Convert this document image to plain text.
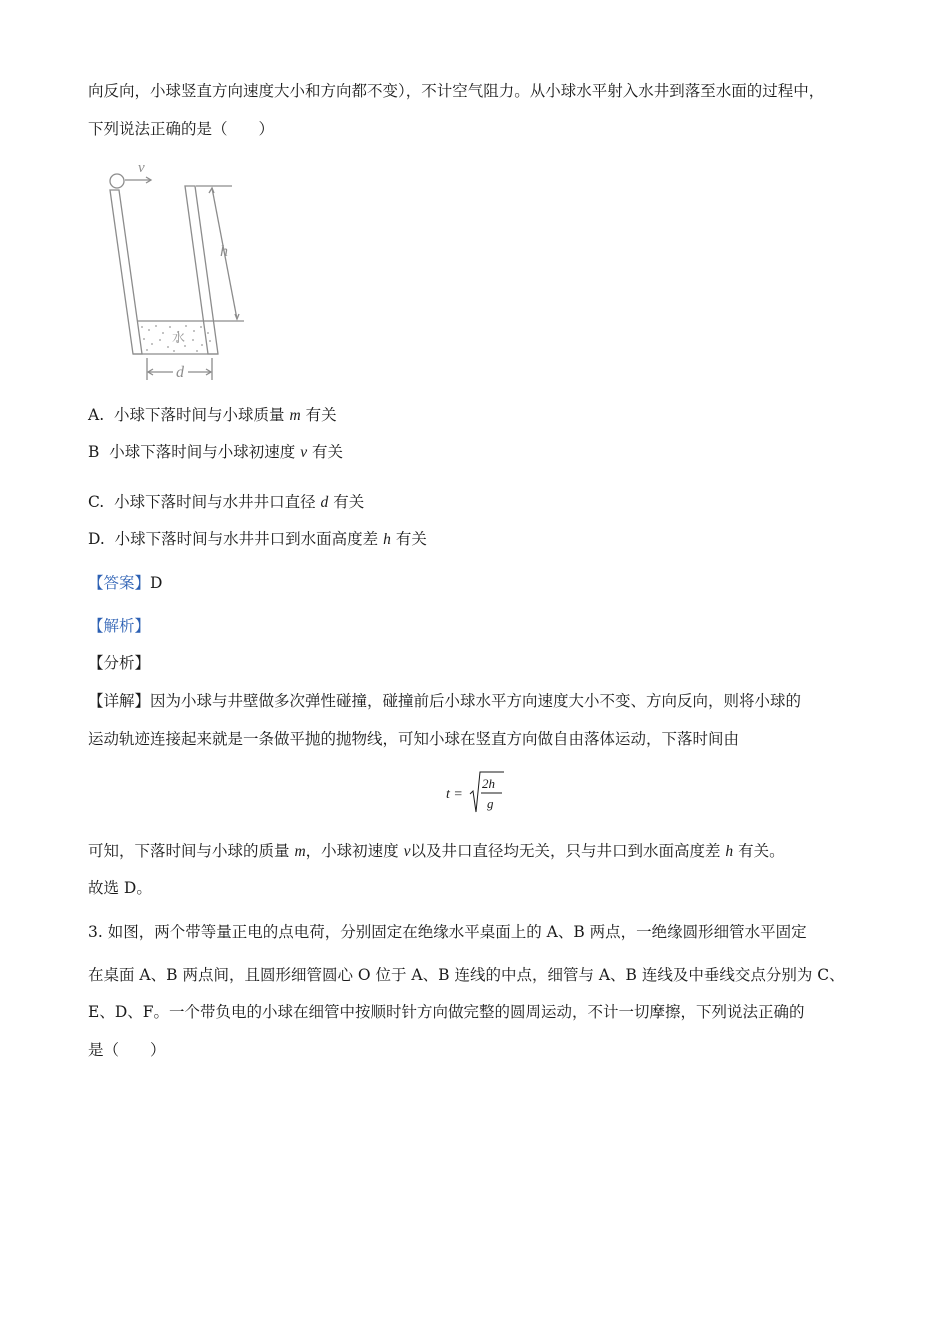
向反向，小球竖直方向速度大小和方向都不变），不计空气阻力。从小球水平射入水井到落至水面的过程中，
下列说法正确的是（　　）
v
h
d
水
A. 小球下落时间与小球质量 m 有关
B 小球下落时间与小球初速度 v 有关
C. 小球下落时间与水井井口直径 d 有关
D. 小球下落时间与水井井口到水面高度差 h 有关
【答案】D
【解析】
【分析】
【详解】因为小球与井壁做多次弹性碰撞，碰撞前后小球水平方向速度大小不变、方向反向，则将小球的
运动轨迹连接起来就是一条做平抛的抛物线，可知小球在竖直方向做自由落体运动，下落时间由
t =
2h
g
可知，下落时间与小球的质量 m，小球初速度 v以及井口直径均无关，只与井口到水面高度差 h 有关。
故选 D。
3. 如图，两个带等量正电的点电荷，分别固定在绝缘水平桌面上的 A、B 两点，一绝缘圆形细管水平固定
在桌面 A、B 两点间，且圆形细管圆心 O 位于 A、B 连线的中点，细管与 A、B 连线及中垂线交点分别为 C、
E、D、F。一个带负电的小球在细管中按顺时针方向做完整的圆周运动，不计一切摩擦，下列说法正确的
是（　　）
